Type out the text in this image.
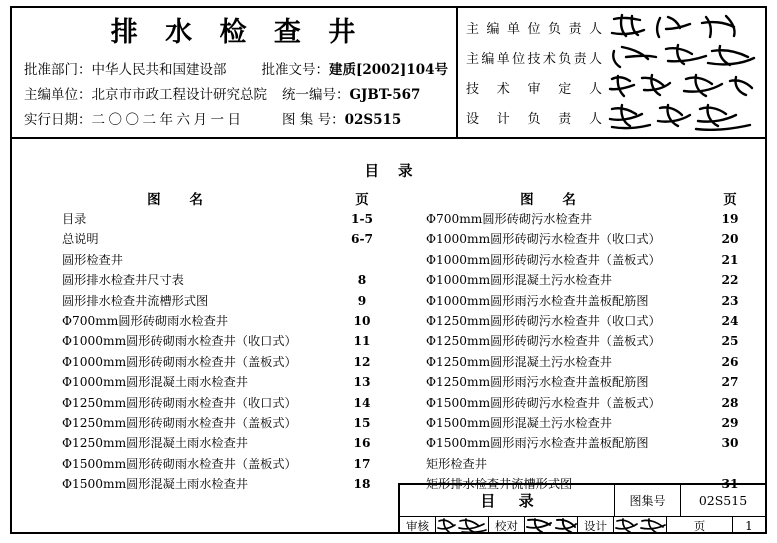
排 水 检 查 井
批准部门：中华人民共和国建设部	批准文号：建质[2002]104号
主编单位：北京市市政工程设计研究总院	统一编号：GJBT-567
实行日期：二〇〇二年六月一日	图 集 号：02S515
主编单位负责人
主编单位技术负责人
技术审定人
设计负责人
目 录
图 名	页
目录	1-5
总说明	6-7
圆形检查井
圆形排水检查井尺寸表	8
圆形排水检查井流槽形式图	9
Φ700mm圆形砖砌雨水检查井	10
Φ1000mm圆形砖砌雨水检查井（收口式）	11
Φ1000mm圆形砖砌雨水检查井（盖板式）	12
Φ1000mm圆形混凝土雨水检查井	13
Φ1250mm圆形砖砌雨水检查井（收口式）	14
Φ1250mm圆形砖砌雨水检查井（盖板式）	15
Φ1250mm圆形混凝土雨水检查井	16
Φ1500mm圆形砖砌雨水检查井（盖板式）	17
Φ1500mm圆形混凝土雨水检查井	18
图 名	页
Φ700mm圆形砖砌污水检查井	19
Φ1000mm圆形砖砌污水检查井（收口式）	20
Φ1000mm圆形砖砌污水检查井（盖板式）	21
Φ1000mm圆形混凝土污水检查井	22
Φ1000mm圆形雨污水检查井盖板配筋图	23
Φ1250mm圆形砖砌污水检查井（收口式）	24
Φ1250mm圆形砖砌污水检查井（盖板式）	25
Φ1250mm圆形混凝土污水检查井	26
Φ1250mm圆形雨污水检查井盖板配筋图	27
Φ1500mm圆形砖砌污水检查井（盖板式）	28
Φ1500mm圆形混凝土污水检查井	29
Φ1500mm圆形雨污水检查井盖板配筋图	30
矩形检查井
矩形排水检查井流槽形式图	31
目 录	图集号	02S515
审核	校对	设计	页	1
